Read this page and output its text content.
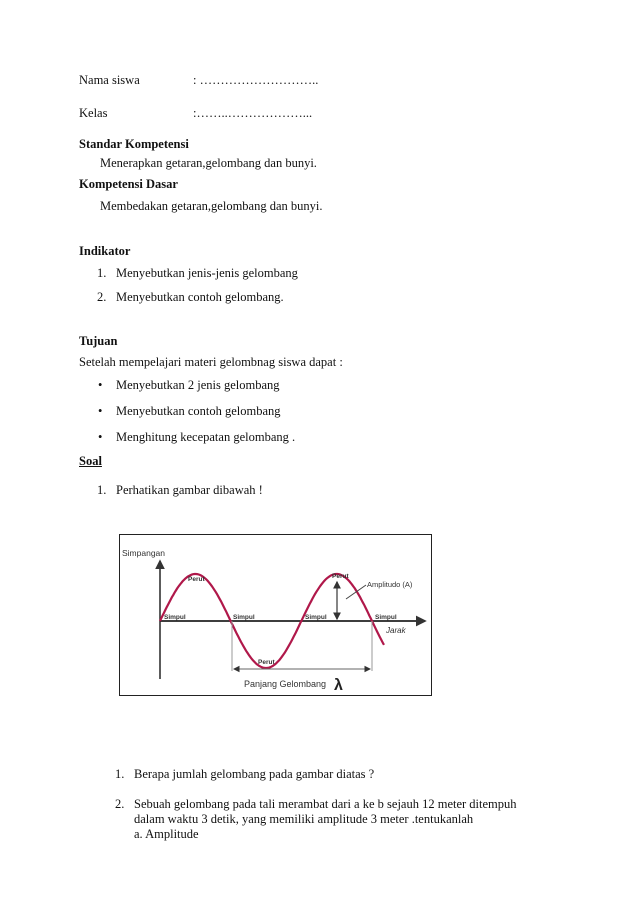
Nama siswa	: ………………………..
Kelas	:……..………………...
Standar Kompetensi
Menerapkan getaran,gelombang dan bunyi.
Kompetensi Dasar
Membedakan getaran,gelombang dan bunyi.
Indikator
1. Menyebutkan jenis-jenis gelombang
2. Menyebutkan contoh gelombang.
Tujuan
Setelah mempelajari materi gelombnag siswa dapat :
• Menyebutkan 2 jenis gelombang
• Menyebutkan contoh gelombang
• Menghitung kecepatan gelombang .
Soal
1. Perhatikan gambar dibawah !
Simpangan
Jarak
Perut	Perut
Perut
Simpul	Simpul	Simpul	Simpul
Amplitudo (A)
Panjang Gelombang λ
1. Berapa jumlah gelombang pada gambar diatas ?
2. Sebuah gelombang pada tali merambat dari a ke b sejauh 12 meter ditempuh
dalam waktu 3 detik, yang memiliki amplitude 3 meter .tentukanlah
a. Amplitude
